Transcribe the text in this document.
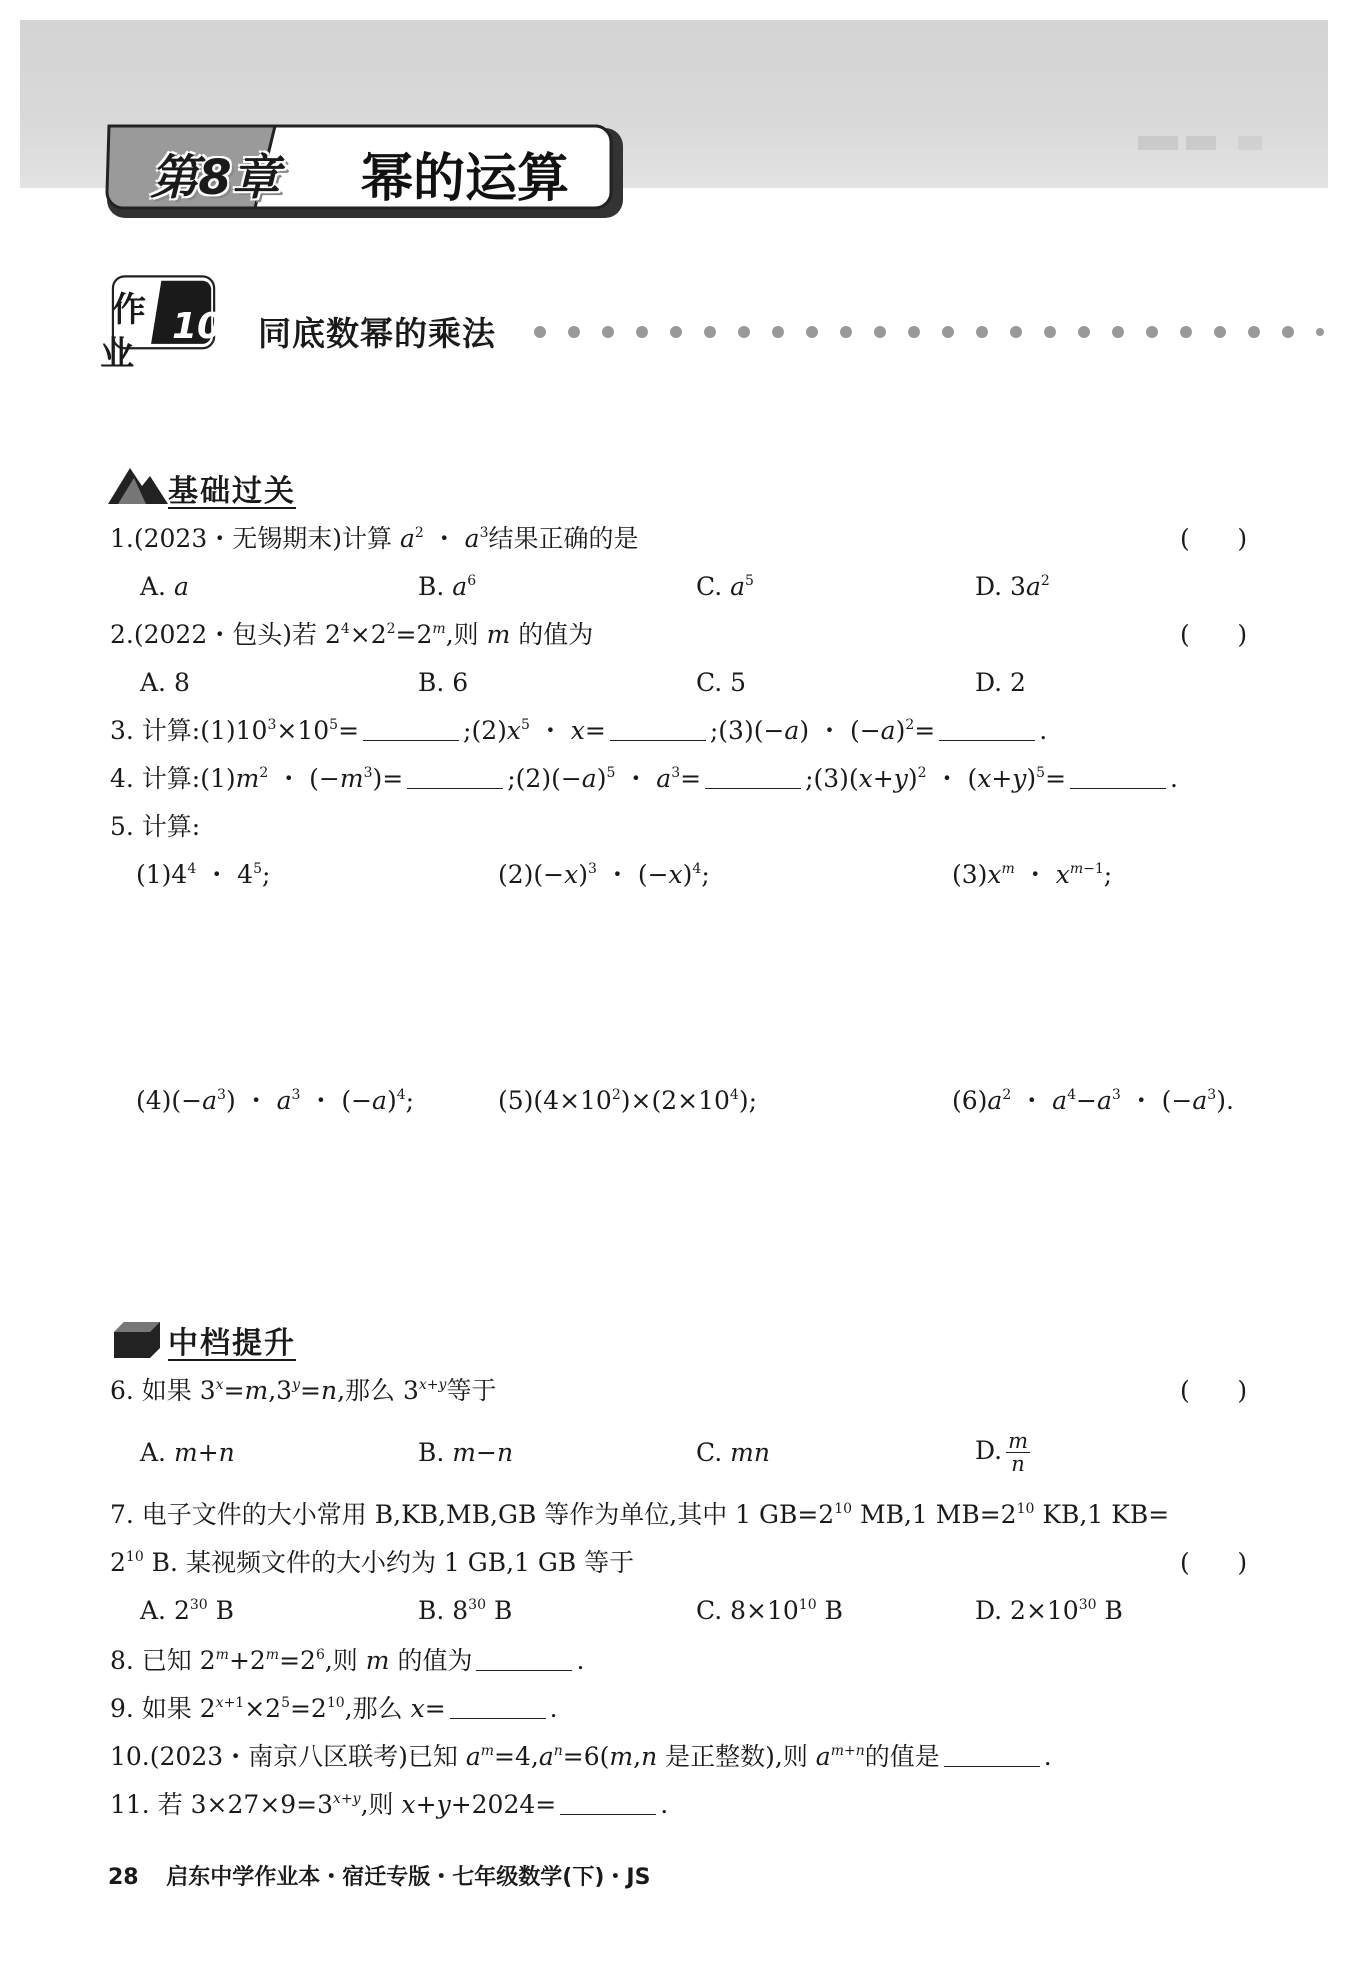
第8章	幂的运算
作
业
10 同底数幂的乘法
基础过关
1.(2023・无锡期末)计算 $a^2$ ・ $a^3$结果正确的是	(      )
A. a	B. $a^6$	C. $a^5$	D. $3a^2$
2.(2022・包头)若 $2^4\times 2^2=2^m$,则 m 的值为	(      )
A. 8	B. 6	C. 5	D. 2
3. 计算$:(1)10^3\times 10^5=$	$;(2)x^5$ ・ x=	;(3)(−a) ・ $(-a)^2=$	.
4. 计算$:(1)m^2$ ・ $(-m^3)=$	$;(2)(-a)^5$ ・ $a^3=$	$;(3)(x+y)^2$ ・ $(x+y)^5=$	.
5. 计算:
$(1)4^4$ ・ $4^5$;	$(2)(-x)^3$ ・ $(-x)^4$;	$(3)x^m$ ・ $x^{m-1}$;
$(4)(-a^3)$ ・ $a^3$ ・ $(-a)^4$;	$(5)(4\times 10^2)\times(2\times 10^4)$;	$(6)a^2$ ・ $a^4-a^3$ ・ $(-a^3)$.
中档提升
6. 如果 $3^x=m,3^y=n$,那么 $3^{x+y}$等于	(      )
A. m+n	B. m−n	C. mn	D. $\frac{m}{n}$
7. 电子文件的大小常用 B,KB,MB,GB 等作为单位,其中 1 $GB=2^{10}$ MB,1 $MB=2^{10}$ KB,1 KB=
$2^{10}$ B. 某视频文件的大小约为 1 GB,1 GB 等于	(      )
A. $2^{30}$ B	B. $8^{30}$ B	C. $8\times 10^{10}$ B	D. $2\times 10^{30}$ B
8. 已知 $2^m+2^m=2^6$,则 m 的值为	.
9. 如果 $2^{x+1}\times 2^5=2^{10}$,那么 x=	.
10.(2023・南京八区联考)已知 $a^m=4,a^n=6(m,n$ 是正整数),则 $a^{m+n}$的值是	.
11. 若 $3\times 27\times 9=3^{x+y}$,则 x+y+2024=	.
28 启东中学作业本・宿迁专版・七年级数学(下)・JS
